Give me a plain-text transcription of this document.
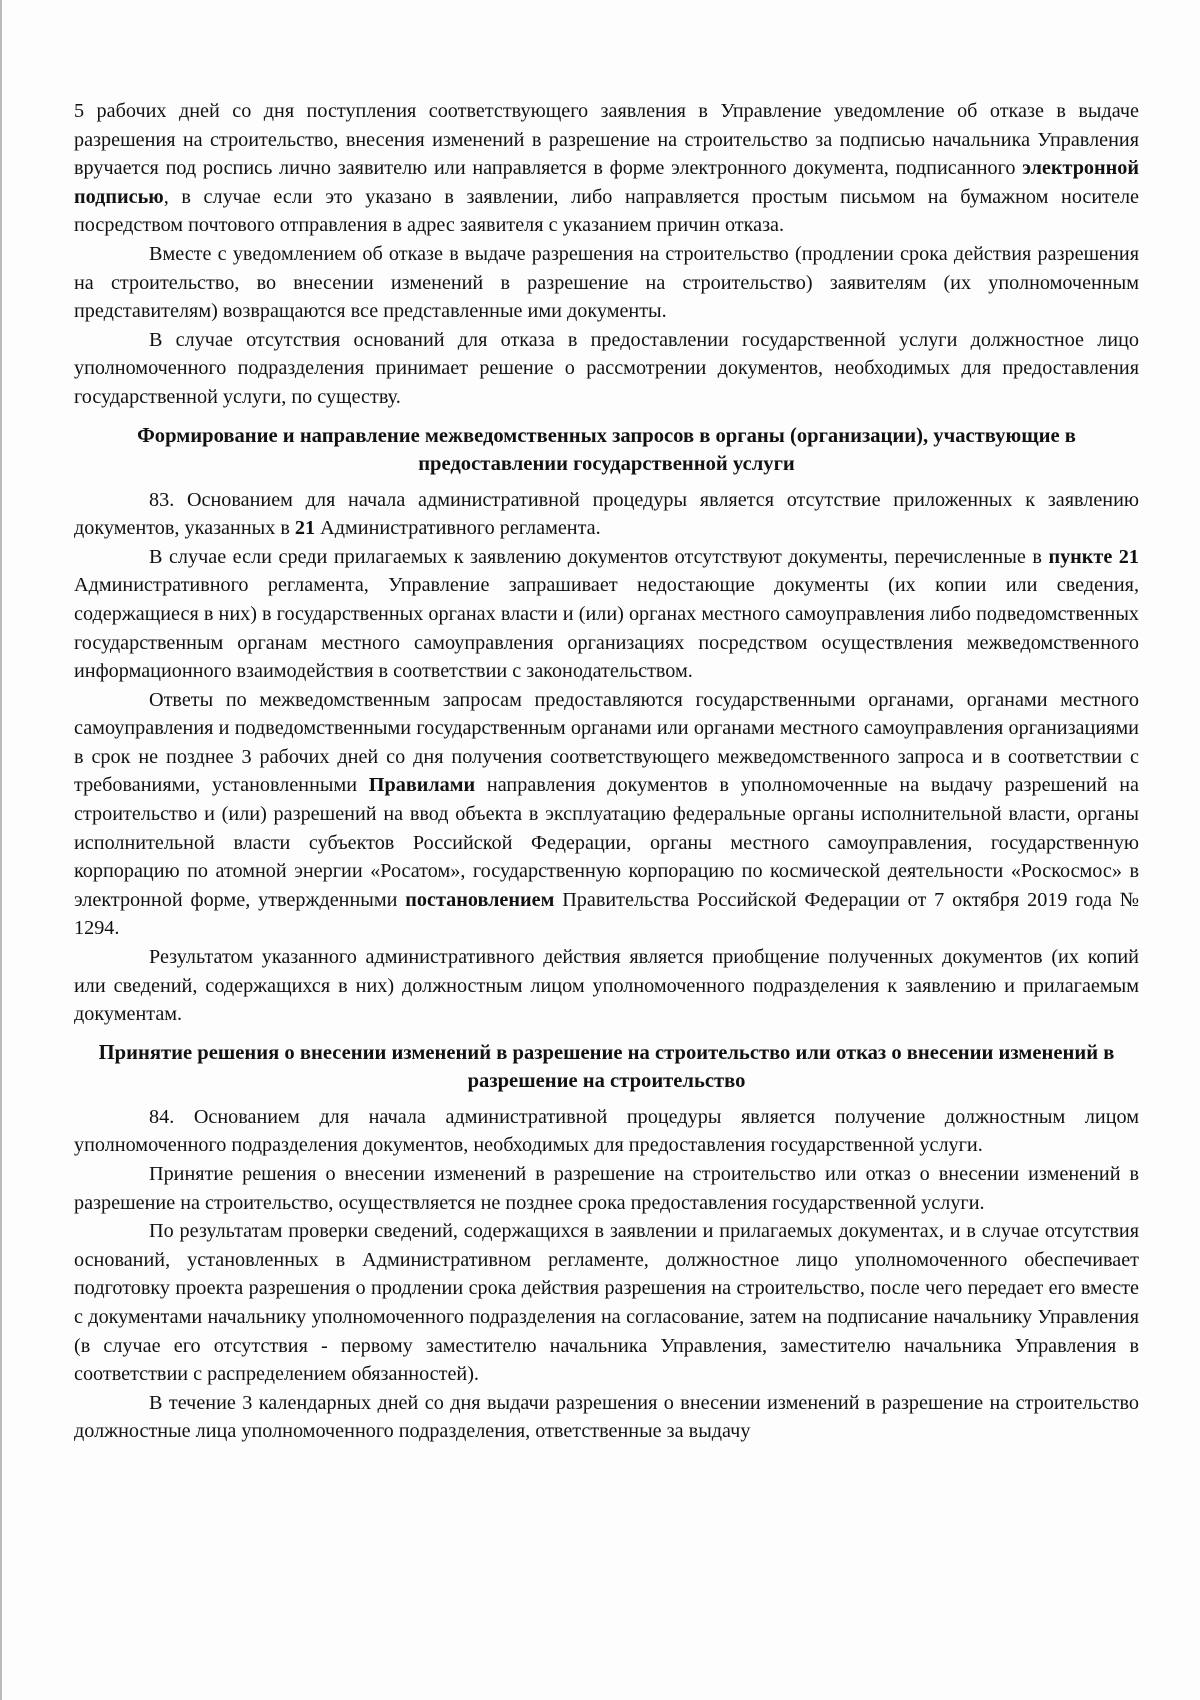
5 рабочих дней со дня поступления соответствующего заявления в Управление уведомление об отказе в выдаче разрешения на строительство, внесения изменений в разрешение на строительство за подписью начальника Управления вручается под роспись лично заявителю или направляется в форме электронного документа, подписанного электронной подписью, в случае если это указано в заявлении, либо направляется простым письмом на бумажном носителе посредством почтового отправления в адрес заявителя с указанием причин отказа.

Вместе с уведомлением об отказе в выдаче разрешения на строительство (продлении срока действия разрешения на строительство, во внесении изменений в разрешение на строительство) заявителям (их уполномоченным представителям) возвращаются все представленные ими документы.

В случае отсутствия оснований для отказа в предоставлении государственной услуги должностное лицо уполномоченного подразделения принимает решение о рассмотрении документов, необходимых для предоставления государственной услуги, по существу.

Формирование и направление межведомственных запросов в органы (организации), участвующие в предоставлении государственной услуги

83. Основанием для начала административной процедуры является отсутствие приложенных к заявлению документов, указанных в 21 Административного регламента.

В случае если среди прилагаемых к заявлению документов отсутствуют документы, перечисленные в пункте 21 Административного регламента, Управление запрашивает недостающие документы (их копии или сведения, содержащиеся в них) в государственных органах власти и (или) органах местного самоуправления либо подведомственных государственным органам местного самоуправления организациях посредством осуществления межведомственного информационного взаимодействия в соответствии с законодательством.

Ответы по межведомственным запросам предоставляются государственными органами, органами местного самоуправления и подведомственными государственным органами или органами местного самоуправления организациями в срок не позднее 3 рабочих дней со дня получения соответствующего межведомственного запроса и в соответствии с требованиями, установленными Правилами направления документов в уполномоченные на выдачу разрешений на строительство и (или) разрешений на ввод объекта в эксплуатацию федеральные органы исполнительной власти, органы исполнительной власти субъектов Российской Федерации, органы местного самоуправления, государственную корпорацию по атомной энергии «Росатом», государственную корпорацию по космической деятельности «Роскосмос» в электронной форме, утвержденными постановлением Правительства Российской Федерации от 7 октября 2019 года № 1294.

Результатом указанного административного действия является приобщение полученных документов (их копий или сведений, содержащихся в них) должностным лицом уполномоченного подразделения к заявлению и прилагаемым документам.

Принятие решения о внесении изменений в разрешение на строительство или отказ о внесении изменений в разрешение на строительство

84. Основанием для начала административной процедуры является получение должностным лицом уполномоченного подразделения документов, необходимых для предоставления государственной услуги.

Принятие решения о внесении изменений в разрешение на строительство или отказ о внесении изменений в разрешение на строительство, осуществляется не позднее срока предоставления государственной услуги.

По результатам проверки сведений, содержащихся в заявлении и прилагаемых документах, и в случае отсутствия оснований, установленных в Административном регламенте, должностное лицо уполномоченного обеспечивает подготовку проекта разрешения о продлении срока действия разрешения на строительство, после чего передает его вместе с документами начальнику уполномоченного подразделения на согласование, затем на подписание начальнику Управления (в случае его отсутствия - первому заместителю начальника Управления, заместителю начальника Управления в соответствии с распределением обязанностей).

В течение 3 календарных дней со дня выдачи разрешения о внесении изменений в разрешение на строительство должностные лица уполномоченного подразделения, ответственные за выдачу
